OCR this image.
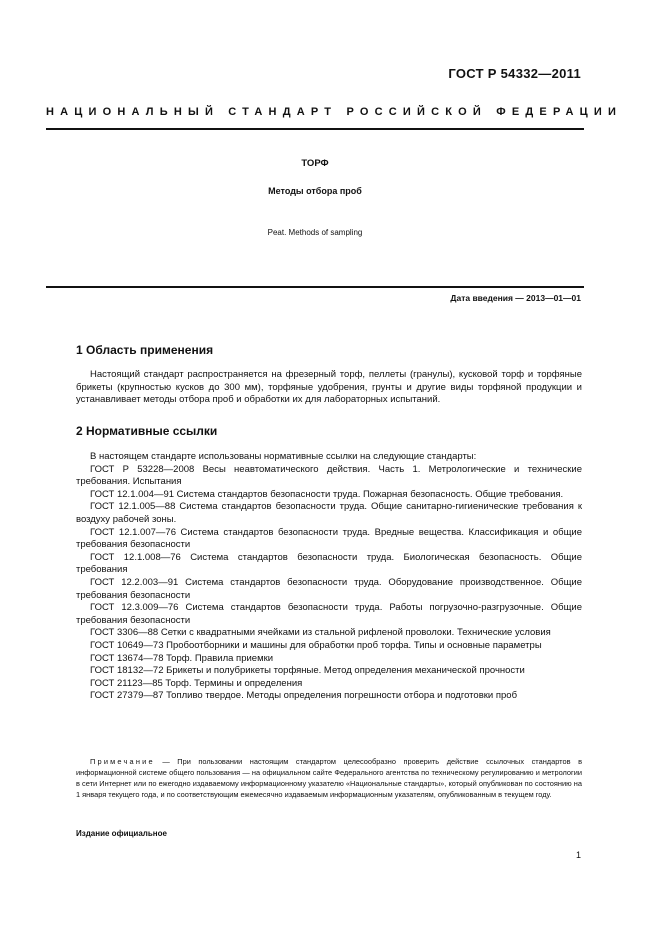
ГОСТ Р 54332—2011
НАЦИОНАЛЬНЫЙ СТАНДАРТ РОССИЙСКОЙ ФЕДЕРАЦИИ
ТОРФ
Методы отбора проб
Peat. Methods of sampling
Дата введения — 2013—01—01
1 Область применения
Настоящий стандарт распространяется на фрезерный торф, пеллеты (гранулы), кусковой торф и торфяные брикеты (крупностью кусков до 300 мм), торфяные удобрения, грунты и другие виды торфяной продукции и устанавливает методы отбора проб и обработки их для лабораторных испытаний.
2 Нормативные ссылки
В настоящем стандарте использованы нормативные ссылки на следующие стандарты:
ГОСТ Р 53228—2008 Весы неавтоматического действия. Часть 1. Метрологические и технические требования. Испытания
ГОСТ 12.1.004—91 Система стандартов безопасности труда. Пожарная безопасность. Общие требования.
ГОСТ 12.1.005—88 Система стандартов безопасности труда. Общие санитарно-гигиенические требования к воздуху рабочей зоны.
ГОСТ 12.1.007—76 Система стандартов безопасности труда. Вредные вещества. Классификация и общие требования безопасности
ГОСТ 12.1.008—76 Система стандартов безопасности труда. Биологическая безопасность. Общие требования
ГОСТ 12.2.003—91 Система стандартов безопасности труда. Оборудование производственное. Общие требования безопасности
ГОСТ 12.3.009—76 Система стандартов безопасности труда. Работы погрузочно-разгрузочные. Общие требования безопасности
ГОСТ 3306—88 Сетки с квадратными ячейками из стальной рифленой проволоки. Технические условия
ГОСТ 10649—73 Пробоотборники и машины для обработки проб торфа. Типы и основные параметры
ГОСТ 13674—78 Торф. Правила приемки
ГОСТ 18132—72 Брикеты и полубрикеты торфяные. Метод определения механической прочности
ГОСТ 21123—85 Торф. Термины и определения
ГОСТ 27379—87 Топливо твердое. Методы определения погрешности отбора и подготовки проб
Примечание — При пользовании настоящим стандартом целесообразно проверить действие ссылочных стандартов в информационной системе общего пользования — на официальном сайте Федерального агентства по техническому регулированию и метрологии в сети Интернет или по ежегодно издаваемому информационному указателю «Национальные стандарты», который опубликован по состоянию на 1 января текущего года, и по соответствующим ежемесячно издаваемым информационным указателям, опубликованным в текущем году.
Издание официальное
1
